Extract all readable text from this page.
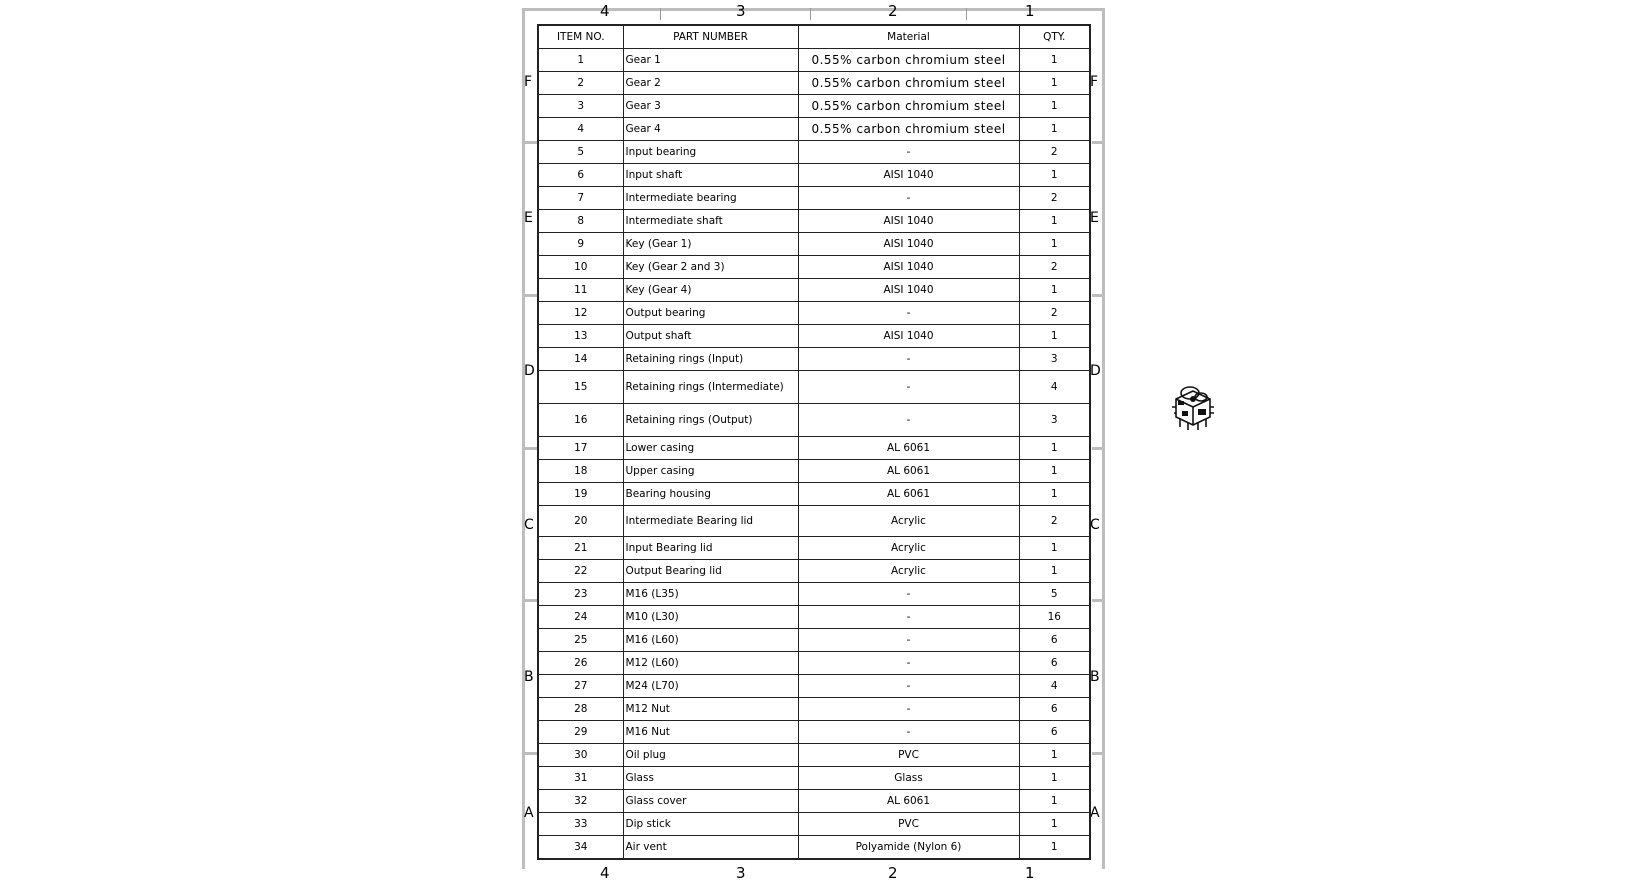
4
4
3
3
2
2
1
1
F	F
E	E
D	D
C	C
B	B
A	A
ITEM NO.	PART NUMBER	Material	QTY.
1	Gear 1	0.55% carbon chromium steel	1
2	Gear 2	0.55% carbon chromium steel	1
3	Gear 3	0.55% carbon chromium steel	1
4	Gear 4	0.55% carbon chromium steel	1
5	Input bearing	-	2
6	Input shaft	AISI 1040	1
7	Intermediate bearing	-	2
8	Intermediate shaft	AISI 1040	1
9	Key (Gear 1)	AISI 1040	1
10	Key (Gear 2 and 3)	AISI 1040	2
11	Key (Gear 4)	AISI 1040	1
12	Output bearing	-	2
13	Output shaft	AISI 1040	1
14	Retaining rings (Input)	-	3
15	Retaining rings (Intermediate)	-	4
16	Retaining rings (Output)	-	3
17	Lower casing	AL 6061	1
18	Upper casing	AL 6061	1
19	Bearing housing	AL 6061	1
20	Intermediate Bearing lid	Acrylic	2
21	Input Bearing lid	Acrylic	1
22	Output Bearing lid	Acrylic	1
23	M16 (L35)	-	5
24	M10 (L30)	-	16
25	M16 (L60)	-	6
26	M12 (L60)	-	6
27	M24 (L70)	-	4
28	M12 Nut	-	6
29	M16 Nut	-	6
30	Oil plug	PVC	1
31	Glass	Glass	1
32	Glass cover	AL 6061	1
33	Dip stick	PVC	1
34	Air vent	Polyamide (Nylon 6)	1
